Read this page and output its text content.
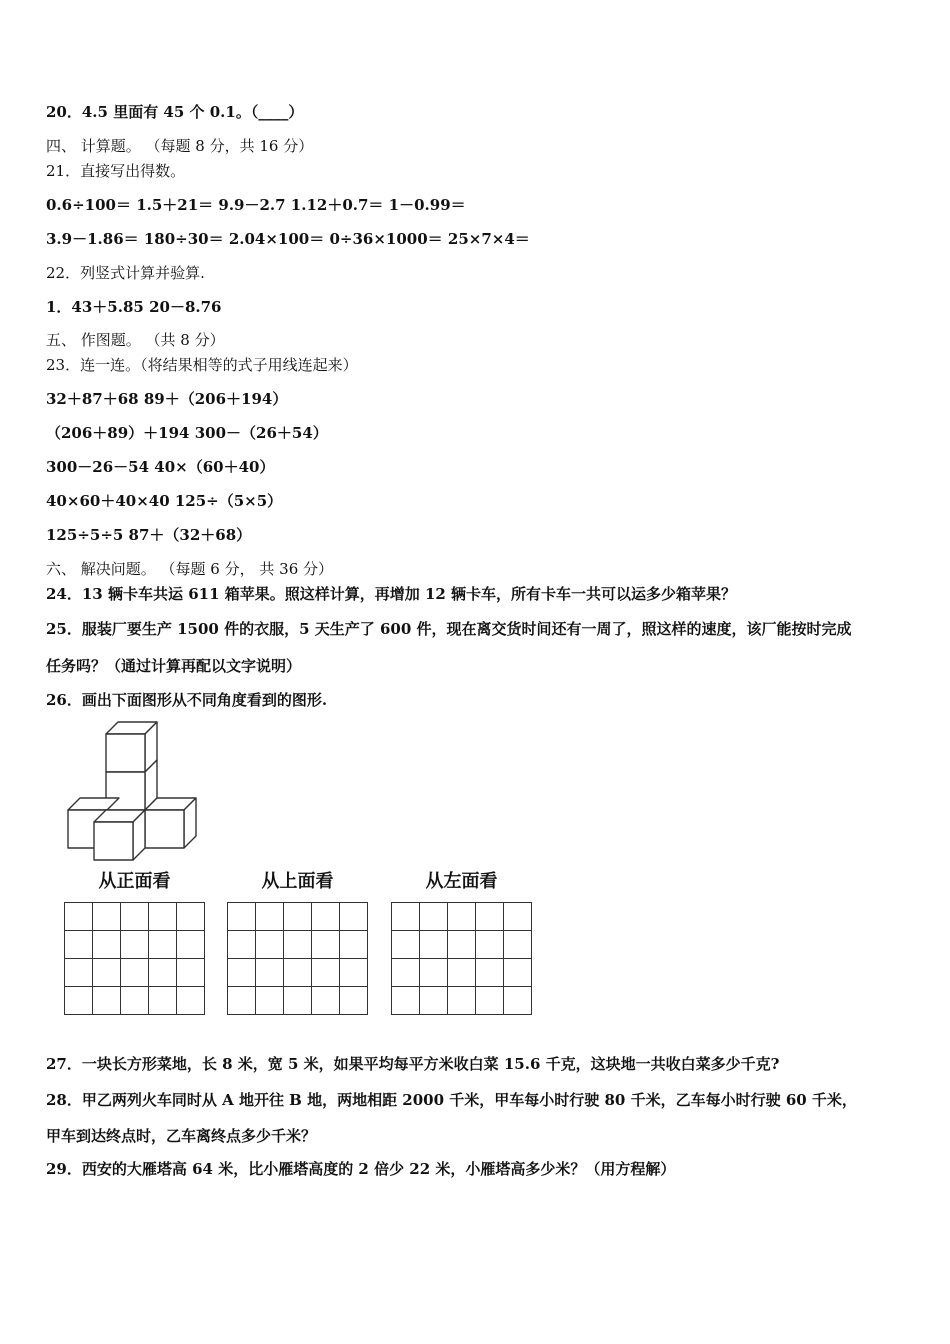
20．4.5 里面有 45 个 0.1。（____）
四、 计算题。 （每题 8 分，共 16 分）
21．直接写出得数。
0.6÷100＝ 1.5＋21＝ 9.9－2.7 1.12＋0.7＝ 1－0.99＝
3.9－1.86＝ 180÷30＝ 2.04×100＝ 0÷36×1000＝ 25×7×4＝
22．列竖式计算并验算.
1．43＋5.85 20－8.76
五、 作图题。 （共 8 分）
23．连一连。（将结果相等的式子用线连起来）
32＋87＋68 89＋（206＋194）
（206＋89）＋194 300－（26＋54）
300－26－54 40×（60＋40）
40×60＋40×40 125÷（5×5）
125÷5÷5 87＋（32＋68）
六、 解决问题。 （每题 6 分， 共 36 分）
24．13 辆卡车共运 611 箱苹果。照这样计算，再增加 12 辆卡车，所有卡车一共可以运多少箱苹果？
25．服装厂要生产 1500 件的衣服，5 天生产了 600 件，现在离交货时间还有一周了，照这样的速度，该厂能按时完成
任务吗？（通过计算再配以文字说明）
26．画出下面图形从不同角度看到的图形.
从正面看

					从上面看

					从左面看

27．一块长方形菜地，长 8 米，宽 5 米，如果平均每平方米收白菜 15.6 千克，这块地一共收白菜多少千克?
28．甲乙两列火车同时从 A 地开往 B 地，两地相距 2000 千米，甲车每小时行驶 80 千米，乙车每小时行驶 60 千米，
甲车到达终点时，乙车离终点多少千米？
29．西安的大雁塔高 64 米，比小雁塔高度的 2 倍少 22 米，小雁塔高多少米？（用方程解）
